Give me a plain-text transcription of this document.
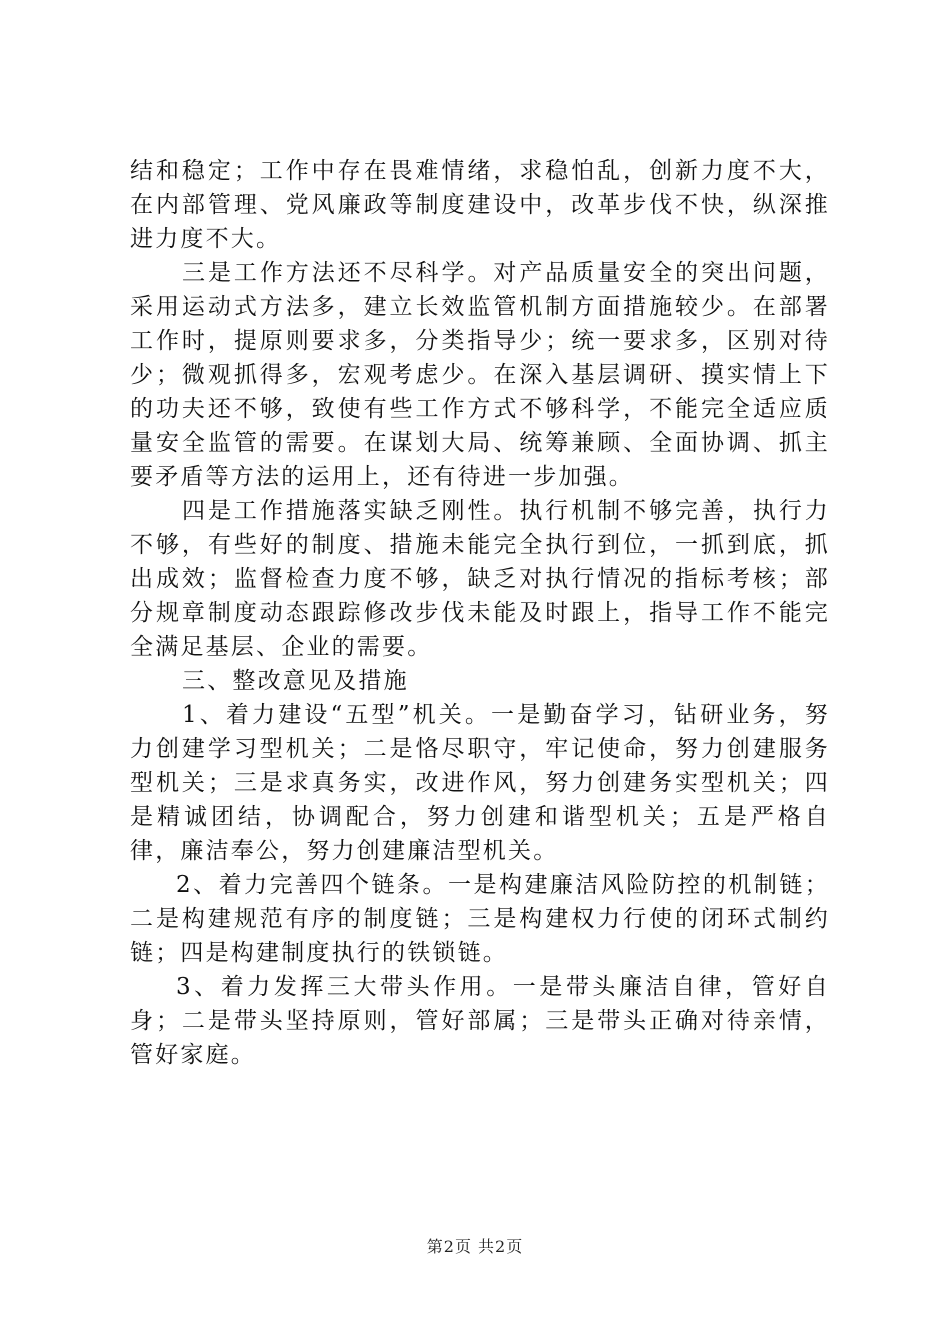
结和稳定；工作中存在畏难情绪，求稳怕乱，创新力度不大，在内部管理、党风廉政等制度建设中，改革步伐不快，纵深推进力度不大。

三是工作方法还不尽科学。对产品质量安全的突出问题，采用运动式方法多，建立长效监管机制方面措施较少。在部署工作时，提原则要求多，分类指导少；统一要求多，区别对待少；微观抓得多，宏观考虑少。在深入基层调研、摸实情上下的功夫还不够，致使有些工作方式不够科学，不能完全适应质量安全监管的需要。在谋划大局、统筹兼顾、全面协调、抓主要矛盾等方法的运用上，还有待进一步加强。

四是工作措施落实缺乏刚性。执行机制不够完善，执行力不够，有些好的制度、措施未能完全执行到位，一抓到底，抓出成效；监督检查力度不够，缺乏对执行情况的指标考核；部分规章制度动态跟踪修改步伐未能及时跟上，指导工作不能完全满足基层、企业的需要。

三、整改意见及措施

1、着力建设“五型”机关。一是勤奋学习，钻研业务，努力创建学习型机关；二是恪尽职守，牢记使命，努力创建服务型机关；三是求真务实，改进作风，努力创建务实型机关；四是精诚团结，协调配合，努力创建和谐型机关；五是严格自律，廉洁奉公，努力创建廉洁型机关。

2、着力完善四个链条。一是构建廉洁风险防控的机制链；二是构建规范有序的制度链；三是构建权力行使的闭环式制约链；四是构建制度执行的铁锁链。

3、着力发挥三大带头作用。一是带头廉洁自律，管好自身；二是带头坚持原则，管好部属；三是带头正确对待亲情，管好家庭。

第2页 共2页
